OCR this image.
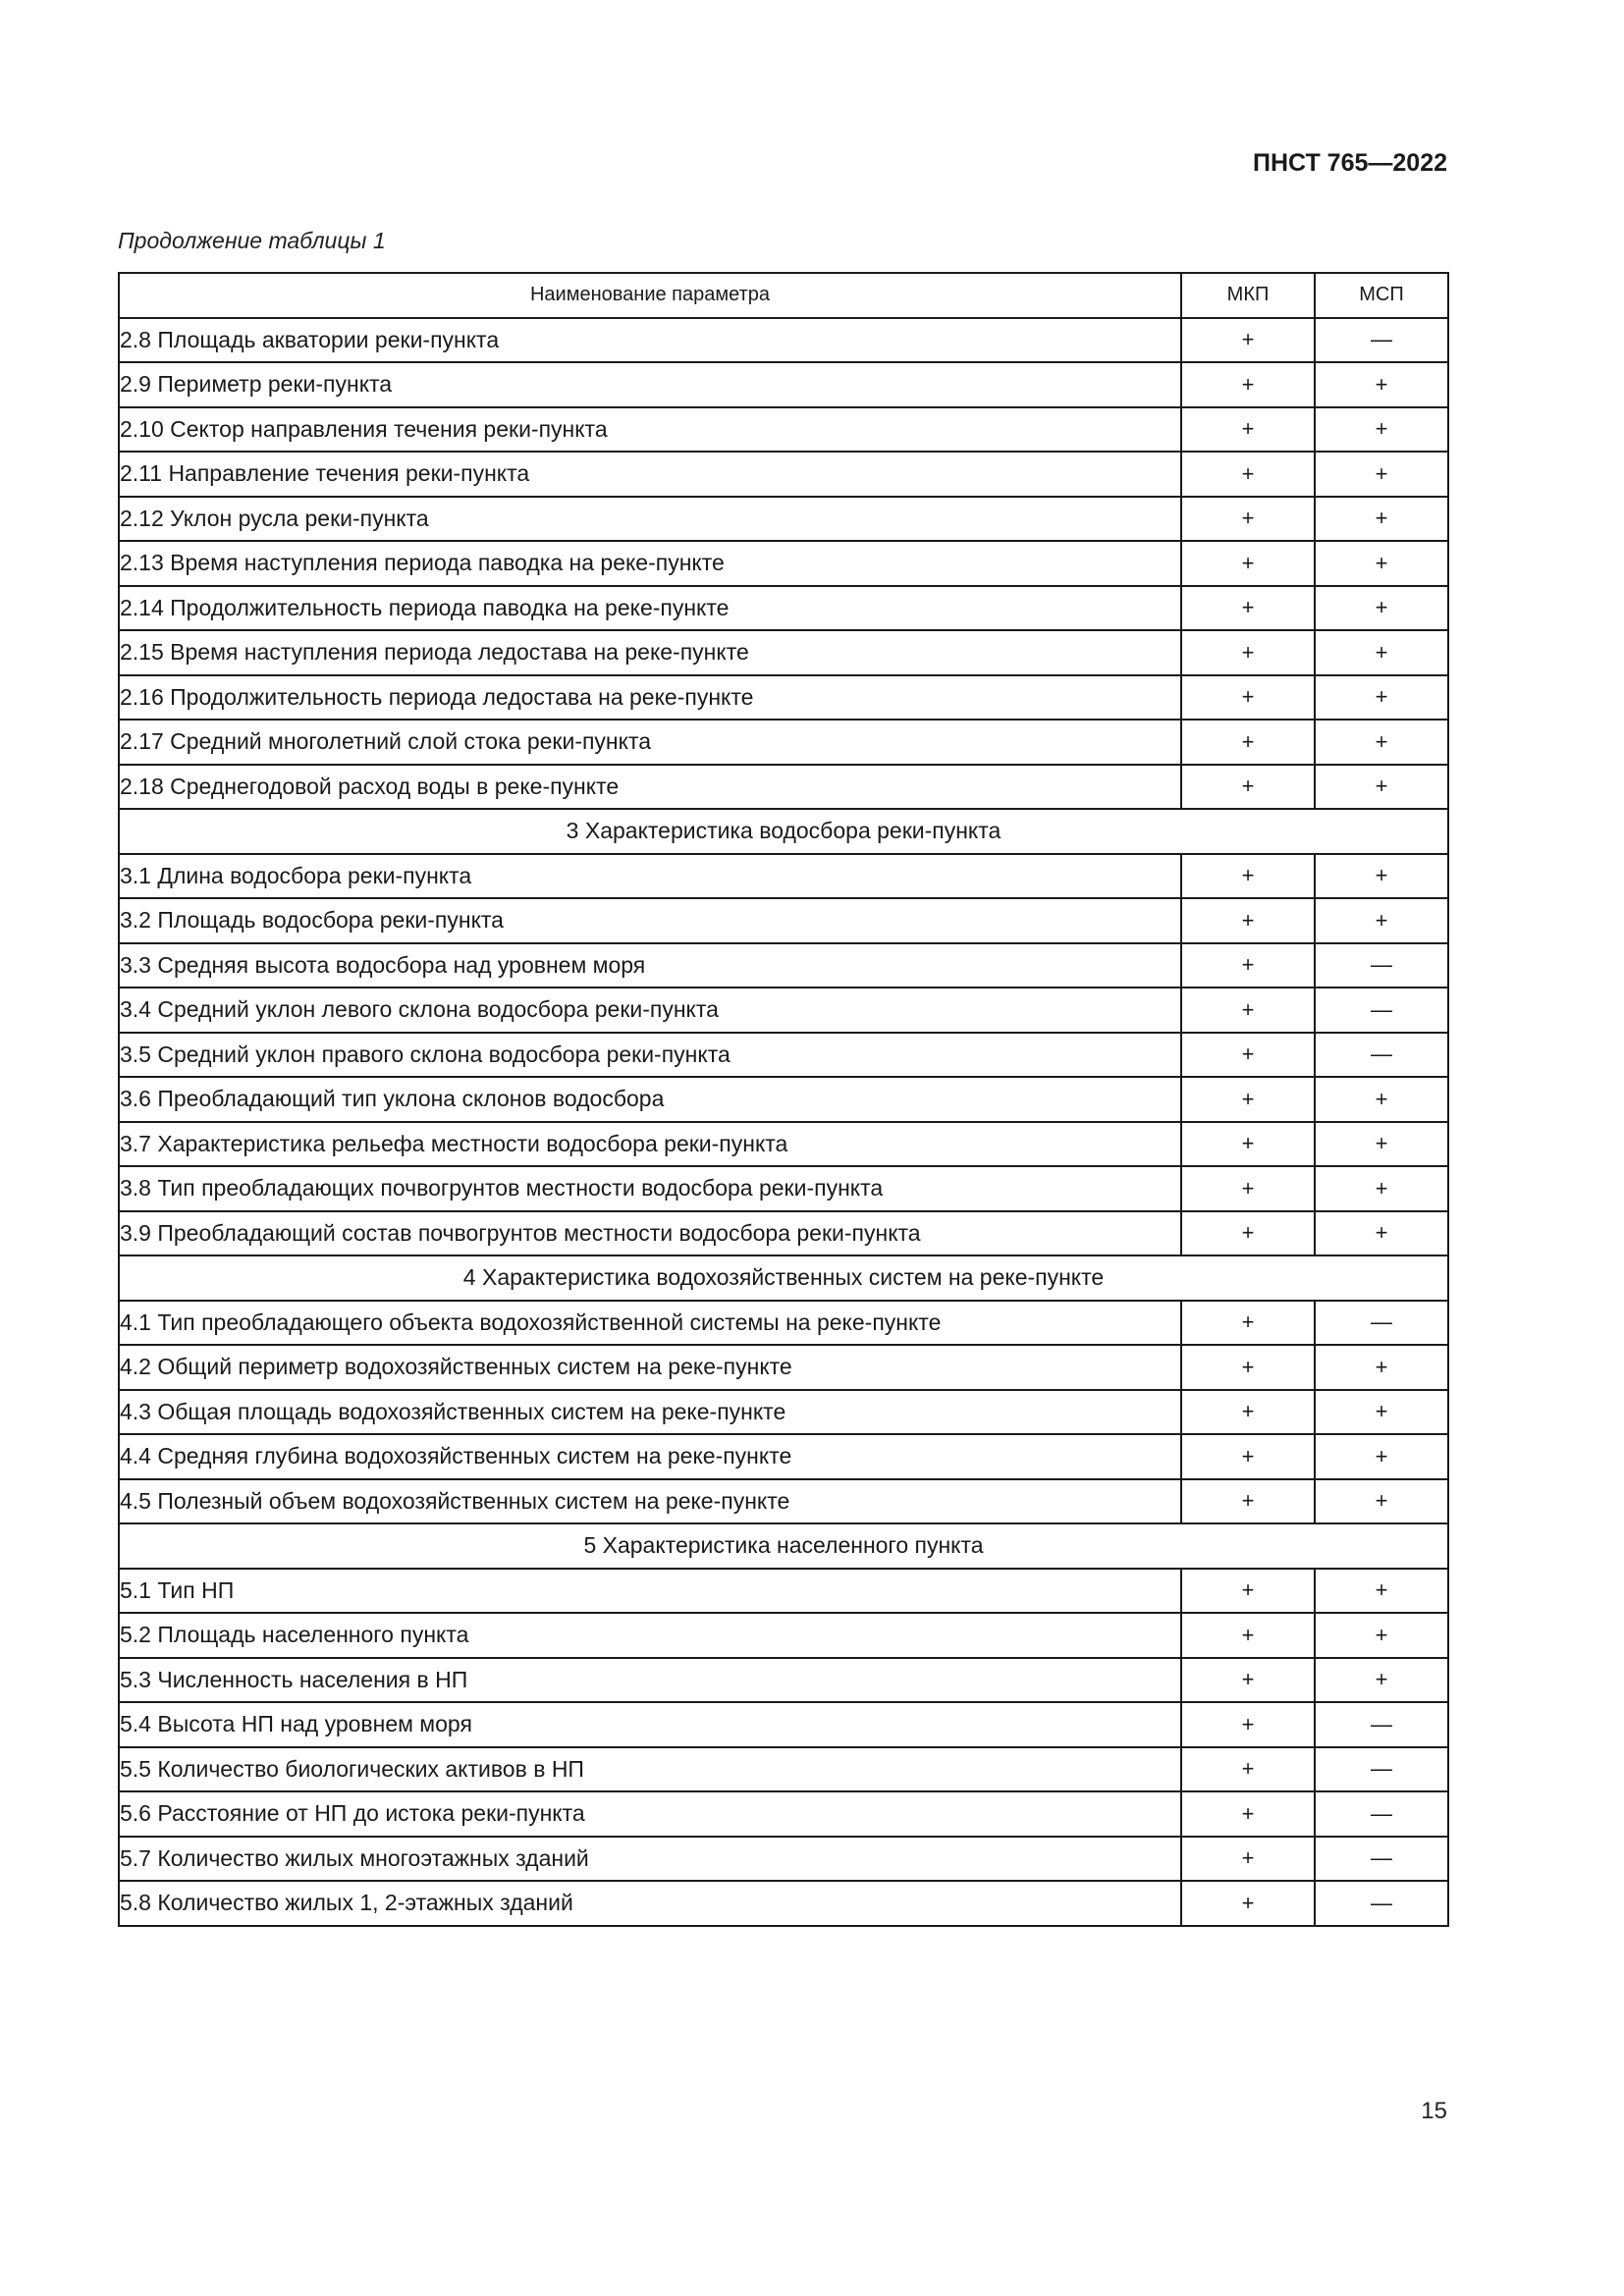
ПНСТ 765—2022
Продолжение таблицы 1
Наименование параметра	МКП	МСП
2.8 Площадь акватории реки-пункта	+	—
2.9 Периметр реки-пункта	+	+
2.10 Сектор направления течения реки-пункта	+	+
2.11 Направление течения реки-пункта	+	+
2.12 Уклон русла реки-пункта	+	+
2.13 Время наступления периода паводка на реке-пункте	+	+
2.14 Продолжительность периода паводка на реке-пункте	+	+
2.15 Время наступления периода ледостава на реке-пункте	+	+
2.16 Продолжительность периода ледостава на реке-пункте	+	+
2.17 Средний многолетний слой стока реки-пункта	+	+
2.18 Среднегодовой расход воды в реке-пункте	+	+
3 Характеристика водосбора реки-пункта		
3.1 Длина водосбора реки-пункта	+	+
3.2 Площадь водосбора реки-пункта	+	+
3.3 Средняя высота водосбора над уровнем моря	+	—
3.4 Средний уклон левого склона водосбора реки-пункта	+	—
3.5 Средний уклон правого склона водосбора реки-пункта	+	—
3.6 Преобладающий тип уклона склонов водосбора	+	+
3.7 Характеристика рельефа местности водосбора реки-пункта	+	+
3.8 Тип преобладающих почвогрунтов местности водосбора реки-пункта	+	+
3.9 Преобладающий состав почвогрунтов местности водосбора реки-пункта	+	+
4 Характеристика водохозяйственных систем на реке-пункте		
4.1 Тип преобладающего объекта водохозяйственной системы на реке-пункте	+	—
4.2 Общий периметр водохозяйственных систем на реке-пункте	+	+
4.3 Общая площадь водохозяйственных систем на реке-пункте	+	+
4.4 Средняя глубина водохозяйственных систем на реке-пункте	+	+
4.5 Полезный объем водохозяйственных систем на реке-пункте	+	+
5 Характеристика населенного пункта		
5.1 Тип НП	+	+
5.2 Площадь населенного пункта	+	+
5.3 Численность населения в НП	+	+
5.4 Высота НП над уровнем моря	+	—
5.5 Количество биологических активов в НП	+	—
5.6 Расстояние от НП до истока реки-пункта	+	—
5.7 Количество жилых многоэтажных зданий	+	—
5.8 Количество жилых 1, 2-этажных зданий	+	—
15
